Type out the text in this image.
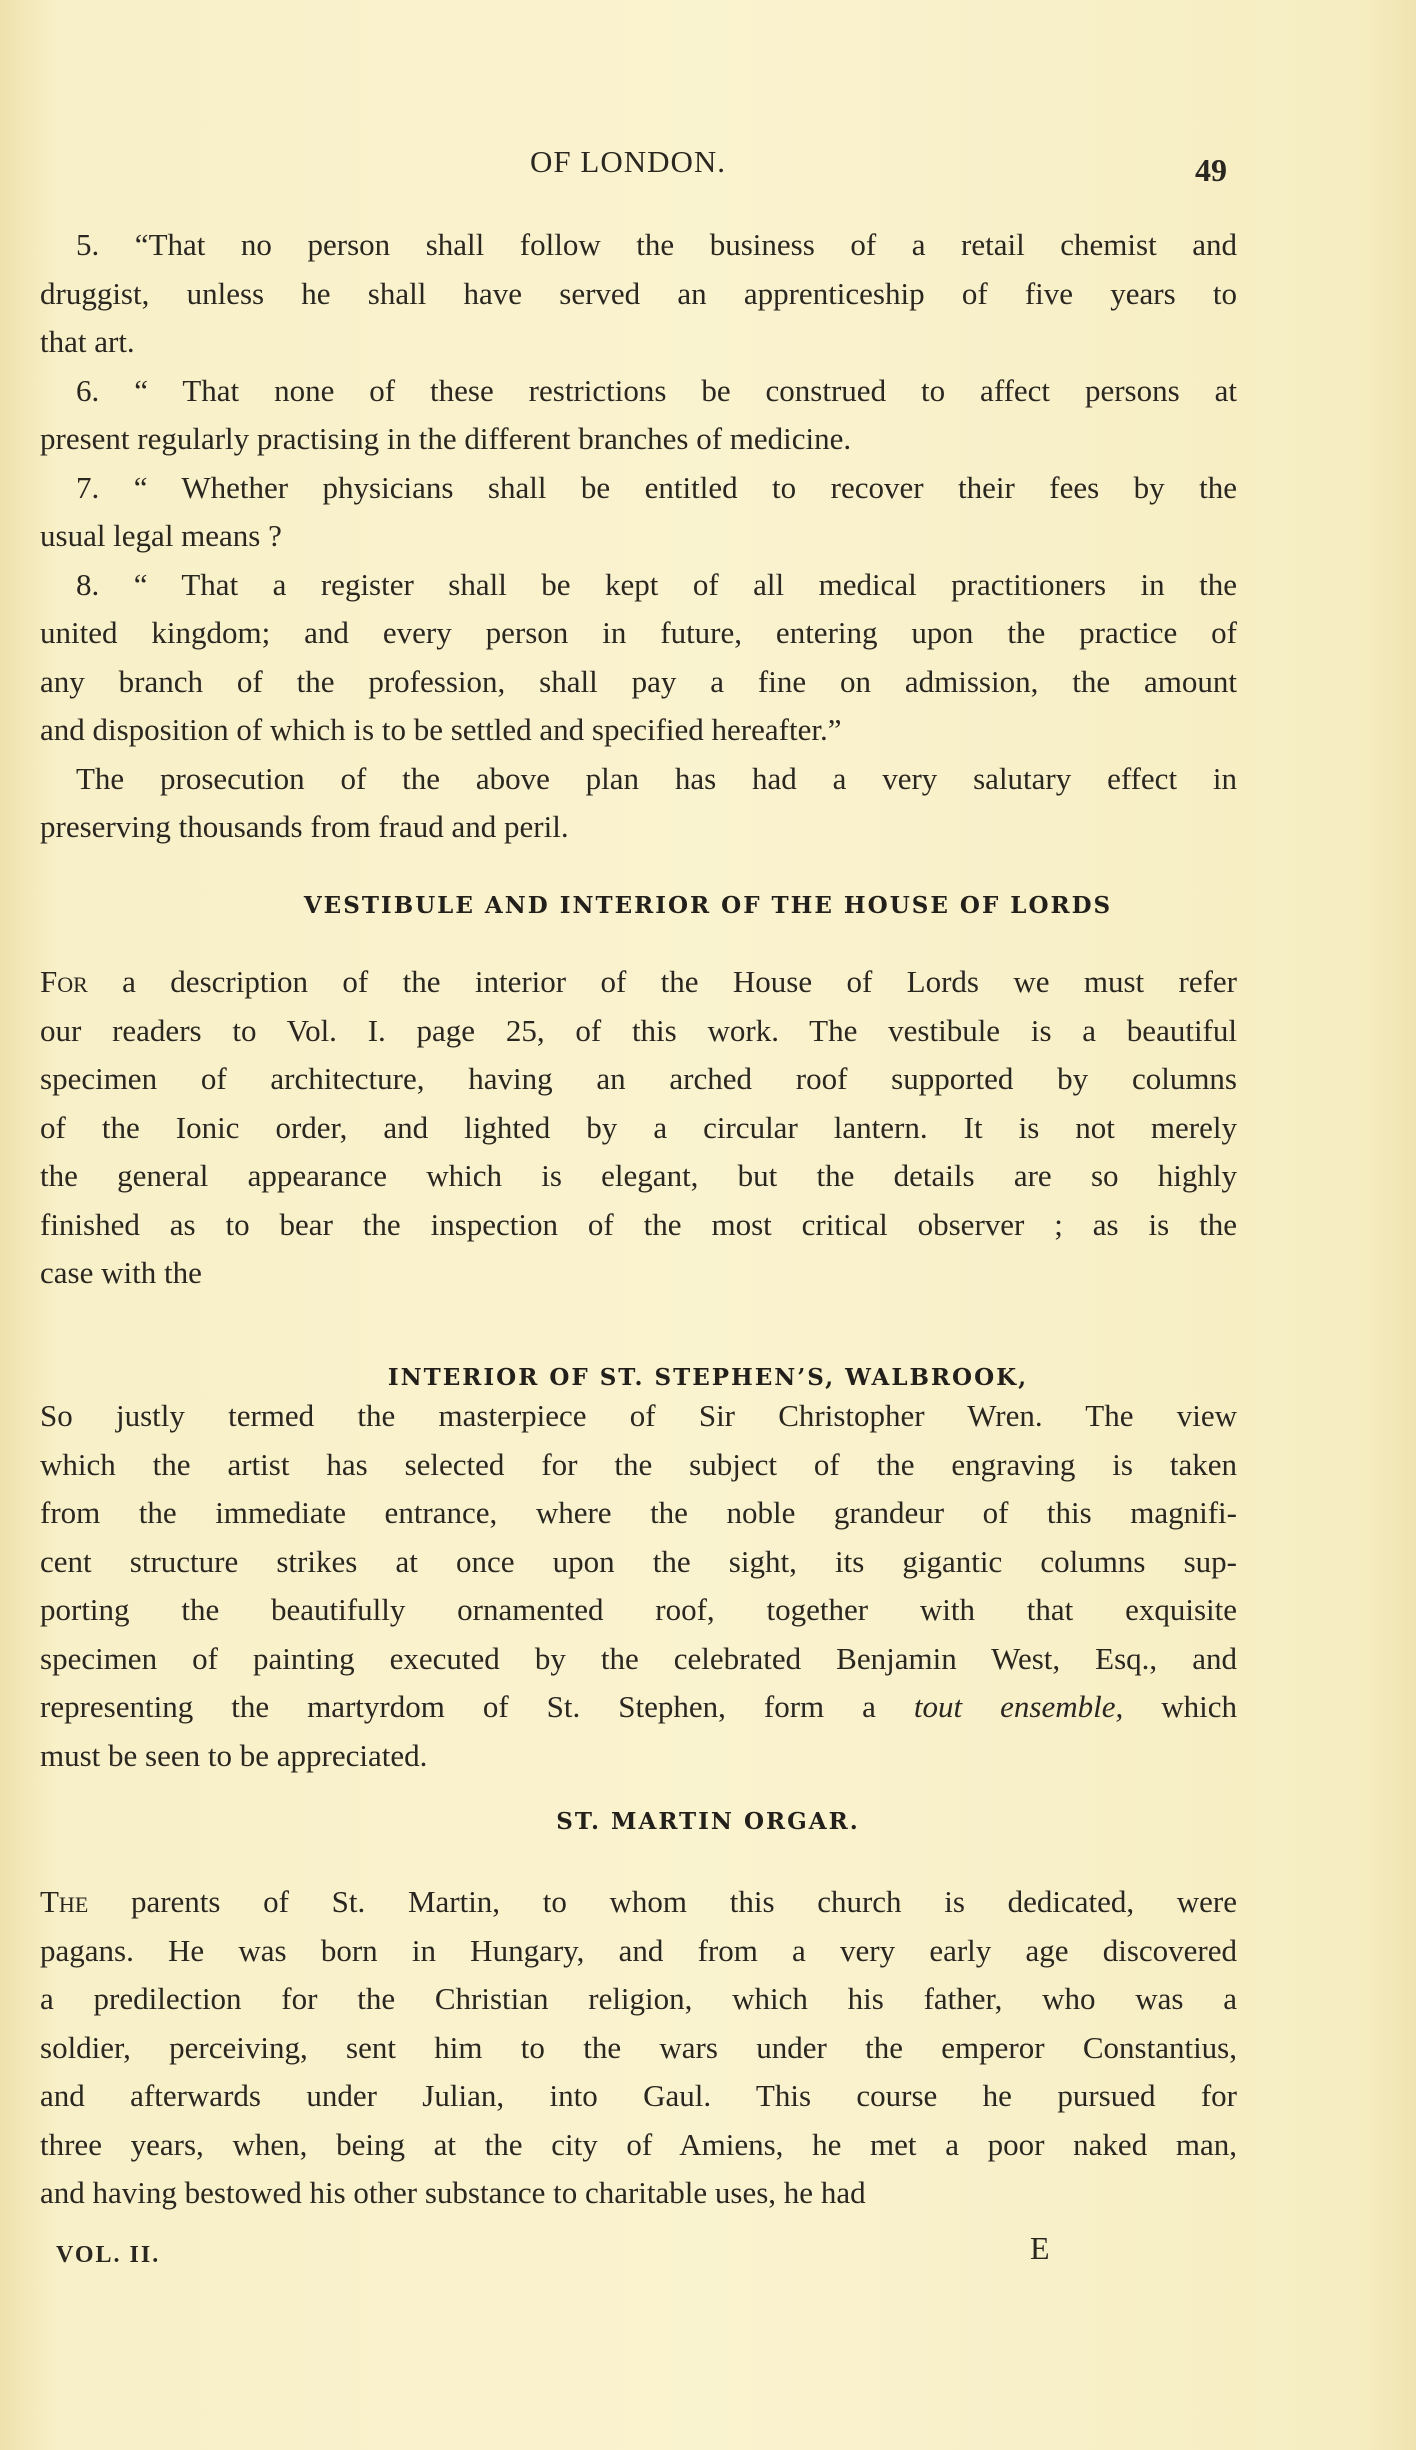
OF LONDON.	49
5. “That no person shall follow the business of a retail chemist and
druggist, unless he shall have served an apprenticeship of five years to
that art.
6. “ That none of these restrictions be construed to affect persons at
present regularly practising in the different branches of medicine.
7. “ Whether physicians shall be entitled to recover their fees by the
usual legal means ?
8. “ That a register shall be kept of all medical practitioners in the
united kingdom; and every person in future, entering upon the practice of
any branch of the profession, shall pay a fine on admission, the amount
and disposition of which is to be settled and specified hereafter.”
The prosecution of the above plan has had a very salutary effect in
preserving thousands from fraud and peril.
VESTIBULE AND INTERIOR OF THE HOUSE OF LORDS
For a description of the interior of the House of Lords we must refer
our readers to Vol. I. page 25, of this work. The vestibule is a beautiful
specimen of architecture, having an arched roof supported by columns
of the Ionic order, and lighted by a circular lantern. It is not merely
the general appearance which is elegant, but the details are so highly
finished as to bear the inspection of the most critical observer ; as is the
case with the
INTERIOR OF ST. STEPHEN’S, WALBROOK,
So justly termed the masterpiece of Sir Christopher Wren. The view
which the artist has selected for the subject of the engraving is taken
from the immediate entrance, where the noble grandeur of this magnifi-
cent structure strikes at once upon the sight, its gigantic columns sup-
porting the beautifully ornamented roof, together with that exquisite
specimen of painting executed by the celebrated Benjamin West, Esq., and
representing the martyrdom of St. Stephen, form a tout ensemble, which
must be seen to be appreciated.
ST. MARTIN ORGAR.
The parents of St. Martin, to whom this church is dedicated, were
pagans. He was born in Hungary, and from a very early age discovered
a predilection for the Christian religion, which his father, who was a
soldier, perceiving, sent him to the wars under the emperor Constantius,
and afterwards under Julian, into Gaul. This course he pursued for
three years, when, being at the city of Amiens, he met a poor naked man,
and having bestowed his other substance to charitable uses, he had
VOL. II.	E
